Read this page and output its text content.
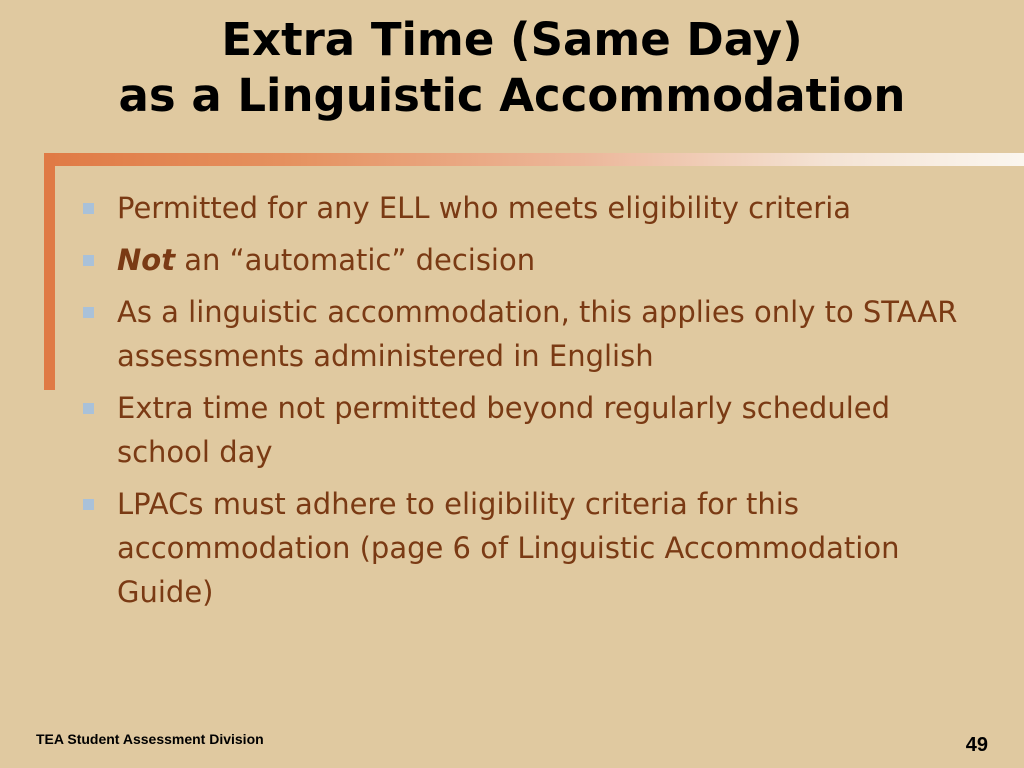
Extra Time (Same Day)
as a Linguistic Accommodation
Permitted for any ELL who meets eligibility criteria
Not an “automatic” decision
As a linguistic accommodation, this applies only to STAAR assessments administered in English
Extra time not permitted beyond regularly scheduled school day
LPACs must adhere to eligibility criteria for this accommodation (page 6 of Linguistic Accommodation Guide)
TEA Student Assessment Division	49
